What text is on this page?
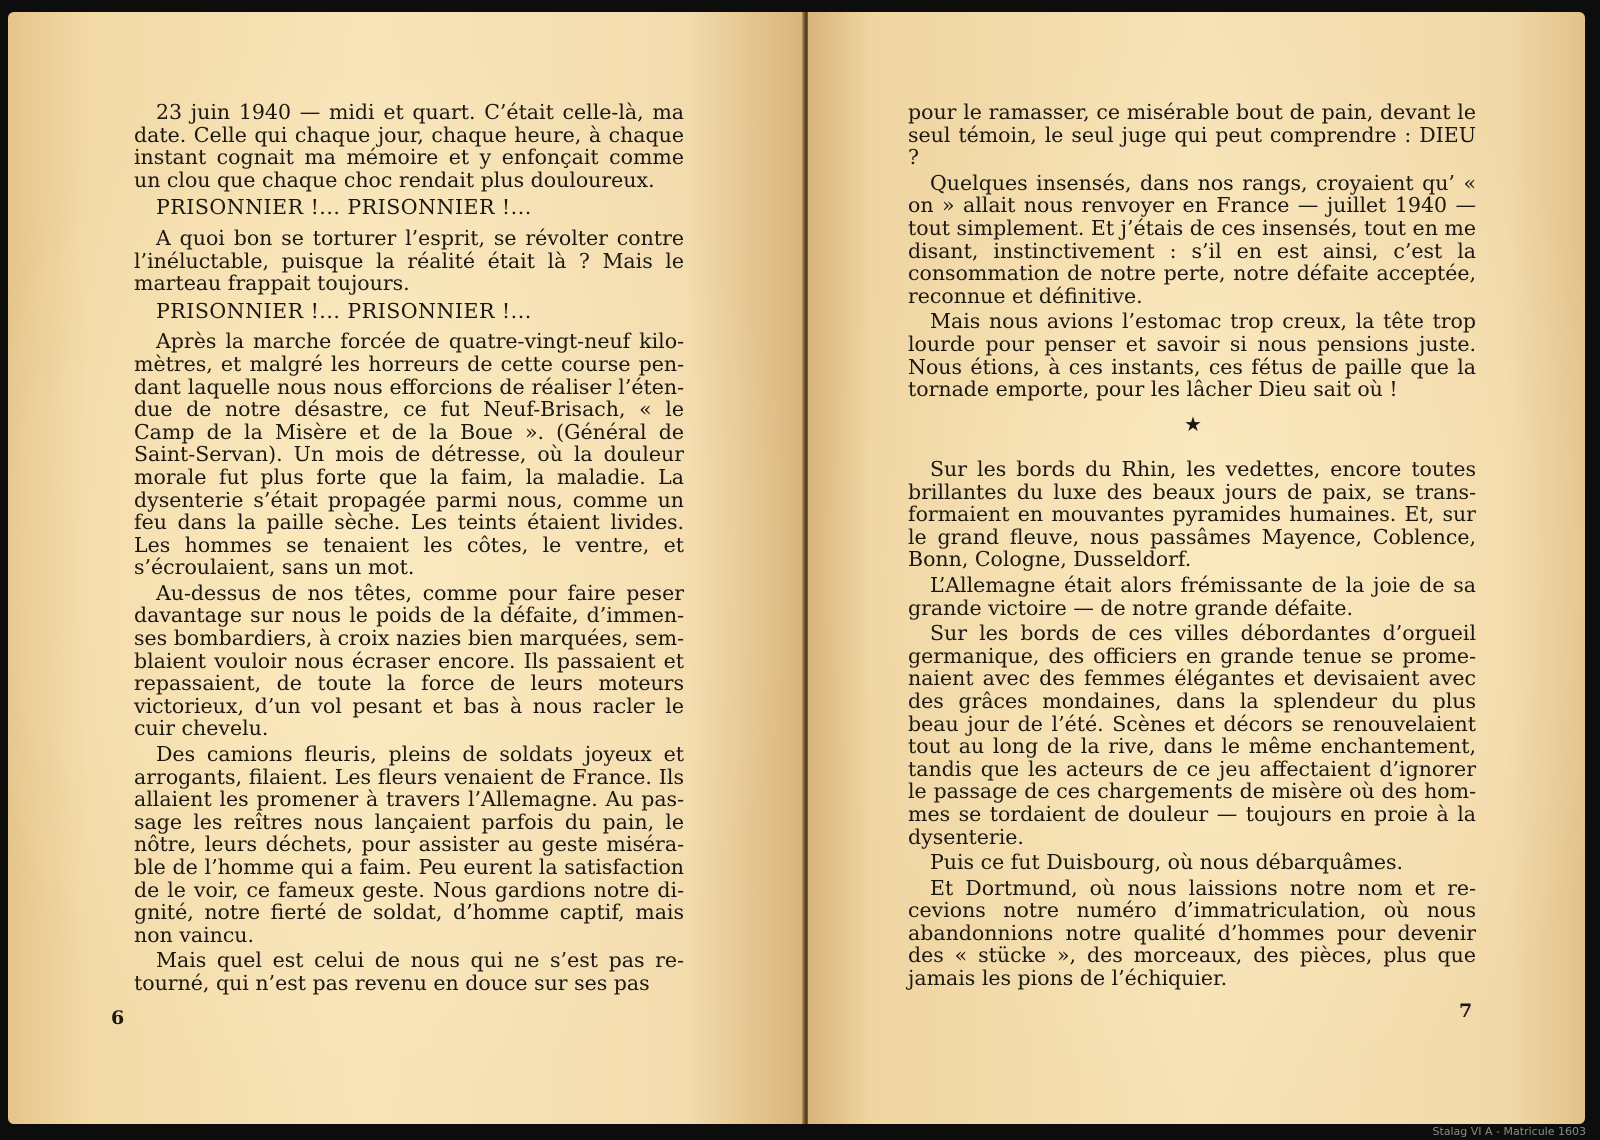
23 juin 1940 — midi et quart. C’était celle-là, ma date. Celle qui chaque jour, chaque heure, à chaque instant cognait ma mémoire et y enfonçait comme un clou que chaque choc rendait plus douloureux.

PRISONNIER !... PRISONNIER !...

A quoi bon se torturer l’esprit, se révolter contre l’inéluctable, puisque la réalité était là ? Mais le marteau frappait toujours.

PRISONNIER !... PRISONNIER !...

Après la marche forcée de quatre-vingt-neuf kilomètres, et malgré les horreurs de cette course pendant laquelle nous nous efforcions de réaliser l’étendue de notre désastre, ce fut Neuf-Brisach, « le Camp de la Misère et de la Boue ». (Général de Saint-Servan). Un mois de détresse, où la douleur morale fut plus forte que la faim, la maladie. La dysenterie s’était propagée parmi nous, comme un feu dans la paille sèche. Les teints étaient livides. Les hommes se tenaient les côtes, le ventre, et s’écroulaient, sans un mot.

Au-dessus de nos têtes, comme pour faire peser davantage sur nous le poids de la défaite, d’immenses bombardiers, à croix nazies bien marquées, semblaient vouloir nous écraser encore. Ils passaient et repassaient, de toute la force de leurs moteurs victorieux, d’un vol pesant et bas à nous racler le cuir chevelu.

Des camions fleuris, pleins de soldats joyeux et arrogants, filaient. Les fleurs venaient de France. Ils allaient les promener à travers l’Allemagne. Au passage les reîtres nous lançaient parfois du pain, le nôtre, leurs déchets, pour assister au geste misérable de l’homme qui a faim. Peu eurent la satisfaction de le voir, ce fameux geste. Nous gardions notre dignité, notre fierté de soldat, d’homme captif, mais non vaincu.

Mais quel est celui de nous qui ne s’est pas retourné, qui n’est pas revenu en douce sur ses pas

6

pour le ramasser, ce misérable bout de pain, devant le seul témoin, le seul juge qui peut comprendre : DIEU ?

Quelques insensés, dans nos rangs, croyaient qu’ « on » allait nous renvoyer en France — juillet 1940 — tout simplement. Et j’étais de ces insensés, tout en me disant, instinctivement : s’il en est ainsi, c’est la consommation de notre perte, notre défaite acceptée, reconnue et définitive.

Mais nous avions l’estomac trop creux, la tête trop lourde pour penser et savoir si nous pensions juste. Nous étions, à ces instants, ces fétus de paille que la tornade emporte, pour les lâcher Dieu sait où !

★

Sur les bords du Rhin, les vedettes, encore toutes brillantes du luxe des beaux jours de paix, se transformaient en mouvantes pyramides humaines. Et, sur le grand fleuve, nous passâmes Mayence, Coblence, Bonn, Cologne, Dusseldorf.

L’Allemagne était alors frémissante de la joie de sa grande victoire — de notre grande défaite.

Sur les bords de ces villes débordantes d’orgueil germanique, des officiers en grande tenue se promenaient avec des femmes élégantes et devisaient avec des grâces mondaines, dans la splendeur du plus beau jour de l’été. Scènes et décors se renouvelaient tout au long de la rive, dans le même enchantement, tandis que les acteurs de ce jeu affectaient d’ignorer le passage de ces chargements de misère où des hommes se tordaient de douleur — toujours en proie à la dysenterie.

Puis ce fut Duisbourg, où nous débarquâmes.

Et Dortmund, où nous laissions notre nom et recevions notre numéro d’immatriculation, où nous abandonnions notre qualité d’hommes pour devenir des « stücke », des morceaux, des pièces, plus que jamais les pions de l’échiquier.

7
Stalag VI A - Matricule 1603
